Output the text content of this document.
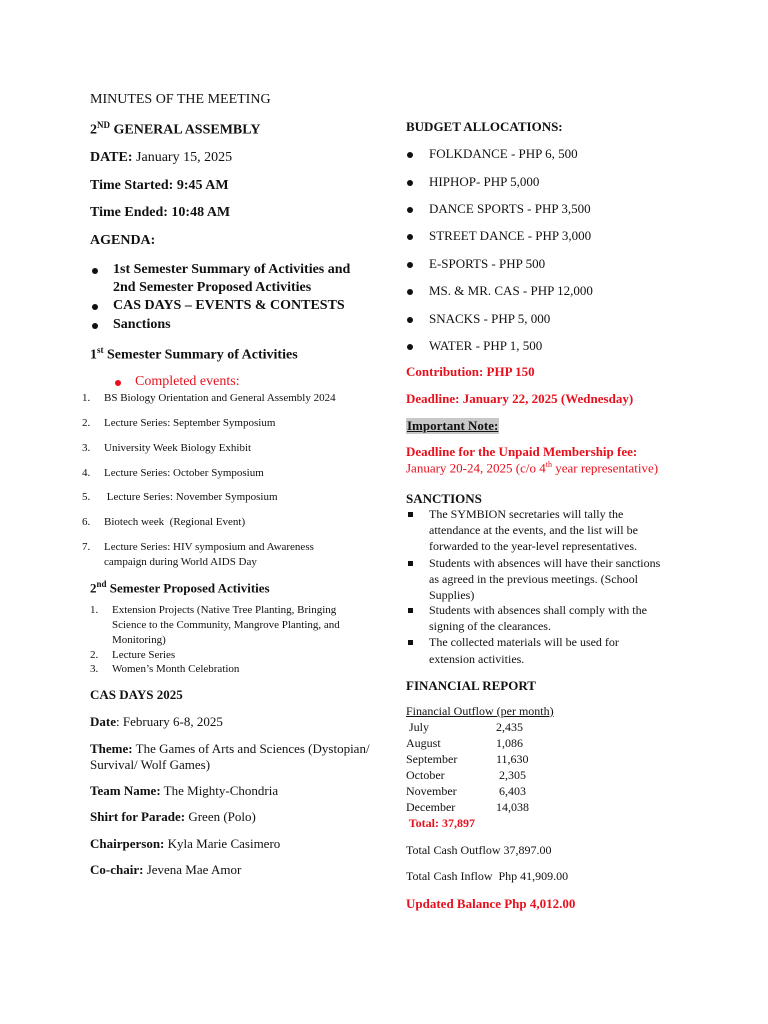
MINUTES OF THE MEETING
2ND GENERAL ASSEMBLY
DATE: January 15, 2025
Time Started: 9:45 AM
Time Ended: 10:48 AM
AGENDA:
1st Semester Summary of Activities and
2nd Semester Proposed Activities
CAS DAYS – EVENTS & CONTESTS
Sanctions
1st Semester Summary of Activities
Completed events:
1. BS Biology Orientation and General Assembly 2024
2. Lecture Series: September Symposium
3. University Week Biology Exhibit
4. Lecture Series: October Symposium
5. Lecture Series: November Symposium
6. Biotech week  (Regional Event)
7. Lecture Series: HIV symposium and Awareness
campaign during World AIDS Day
2nd Semester Proposed Activities
1. Extension Projects (Native Tree Planting, Bringing
Science to the Community, Mangrove Planting, and
Monitoring)
2. Lecture Series
3. Women’s Month Celebration
CAS DAYS 2025
Date: February 6-8, 2025
Theme: The Games of Arts and Sciences (Dystopian/
Survival/ Wolf Games)
Team Name: The Mighty-Chondria
Shirt for Parade: Green (Polo)
Chairperson: Kyla Marie Casimero
Co-chair: Jevena Mae Amor
BUDGET ALLOCATIONS:
FOLKDANCE - PHP 6, 500
HIPHOP- PHP 5,000
DANCE SPORTS - PHP 3,500
STREET DANCE - PHP 3,000
E-SPORTS - PHP 500
MS. & MR. CAS - PHP 12,000
SNACKS - PHP 5, 000
WATER - PHP 1, 500
Contribution: PHP 150
Deadline: January 22, 2025 (Wednesday)
Important Note:
Deadline for the Unpaid Membership fee:
January 20-24, 2025 (c/o 4th year representative)
SANCTIONS
The SYMBION secretaries will tally the
attendance at the events, and the list will be
forwarded to the year-level representatives.
Students with absences will have their sanctions
as agreed in the previous meetings. (School
Supplies)
Students with absences shall comply with the
signing of the clearances.
The collected materials will be used for
extension activities.
FINANCIAL REPORT
Financial Outflow (per month)
July	2,435
August	1,086
September	11,630
October	2,305
November	6,403
December	14,038
Total: 37,897
Total Cash Outflow 37,897.00
Total Cash Inflow  Php 41,909.00
Updated Balance Php 4,012.00
